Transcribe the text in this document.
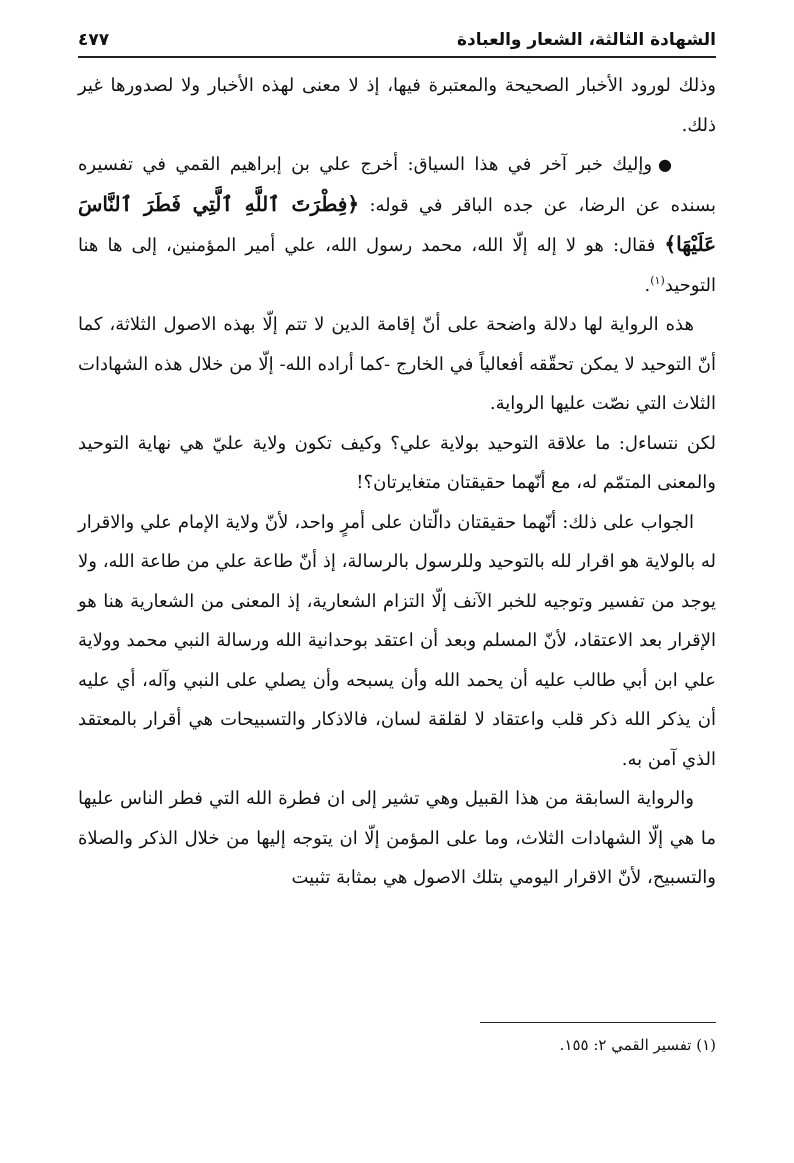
الشهادة الثالثة، الشعار والعبادة
٤٧٧

وذلك لورود الأخبار الصحيحة والمعتبرة فيها، إذ لا معنى لهذه الأخبار ولا لصدورها غير ذلك.

●وإليك خبر آخر في هذا السياق: أخرج علي بن إبراهيم القمي في تفسيره بسنده عن الرضا، عن جده الباقر في قوله: ﴿فِطْرَتَ ٱللَّهِ ٱلَّتِي فَطَرَ ٱلنَّاسَ عَلَيْهَا﴾ فقال: هو لا إله إلّا الله، محمد رسول الله، علي أمير المؤمنين، إلى ها هنا التوحيد$^{(١)}$.

هذه الرواية لها دلالة واضحة على أنّ إقامة الدين لا تتم إلّا بهذه الاصول الثلاثة، كما أنّ التوحيد لا يمكن تحقّقه أفعالياً في الخارج -كما أراده الله- إلّا من خلال هذه الشهادات الثلاث التي نصّت عليها الرواية.

لكن نتساءل: ما علاقة التوحيد بولاية علي؟ وكيف تكون ولاية عليّ هي نهاية التوحيد والمعنى المتمّم له، مع أنّهما حقيقتان متغايرتان؟!

الجواب على ذلك: أنّهما حقيقتان دالّتان على أمرٍ واحد، لأنّ ولاية الإمام علي والاقرار له بالولاية هو اقرار لله بالتوحيد وللرسول بالرسالة، إذ أنّ طاعة علي من طاعة الله، ولا يوجد من تفسير وتوجيه للخبر الآنف إلّا التزام الشعارية، إذ المعنى من الشعارية هنا هو الإقرار بعد الاعتقاد، لأنّ المسلم وبعد أن اعتقد بوحدانية الله ورسالة النبي محمد وولاية علي ابن أبي طالب عليه أن يحمد الله وأن يسبحه وأن يصلي على النبي وآله، أي عليه أن يذكر الله ذكر قلب واعتقاد لا لقلقة لسان، فالاذكار والتسبيحات هي أقرار بالمعتقد الذي آمن به.

والرواية السابقة من هذا القبيل وهي تشير إلى ان فطرة الله التي فطر الناس عليها ما هي إلّا الشهادات الثلاث، وما على المؤمن إلّا ان يتوجه إليها من خلال الذكر والصلاة والتسبيح، لأنّ الاقرار اليومي بتلك الاصول هي بمثابة تثبيت

(١) تفسير القمي ٢: ١٥٥.
